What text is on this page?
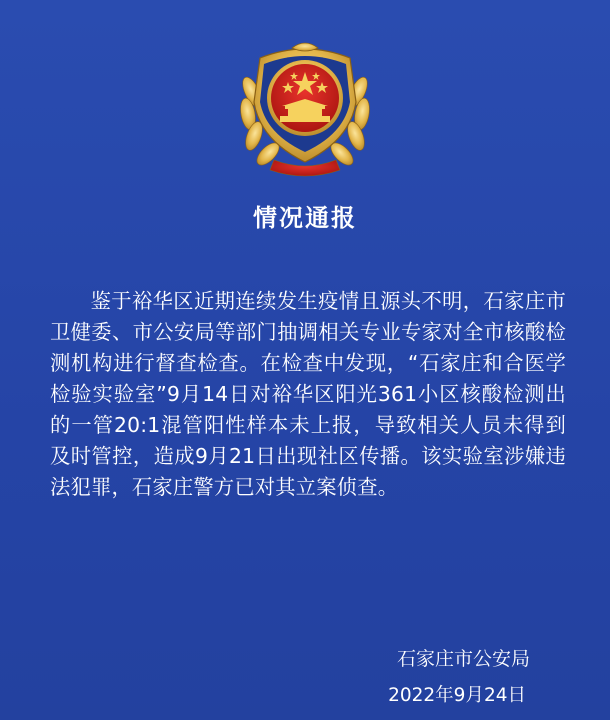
情况通报
鉴于裕华区近期连续发生疫情且源头不明，石家庄市卫健委、市公安局等部门抽调相关专业专家对全市核酸检测机构进行督查检查。在检查中发现，“石家庄和合医学检验实验室”9月14日对裕华区阳光361小区核酸检测出的一管20:1混管阳性样本未上报，导致相关人员未得到及时管控，造成9月21日出现社区传播。该实验室涉嫌违法犯罪，石家庄警方已对其立案侦查。
石家庄市公安局
2022年9月24日
